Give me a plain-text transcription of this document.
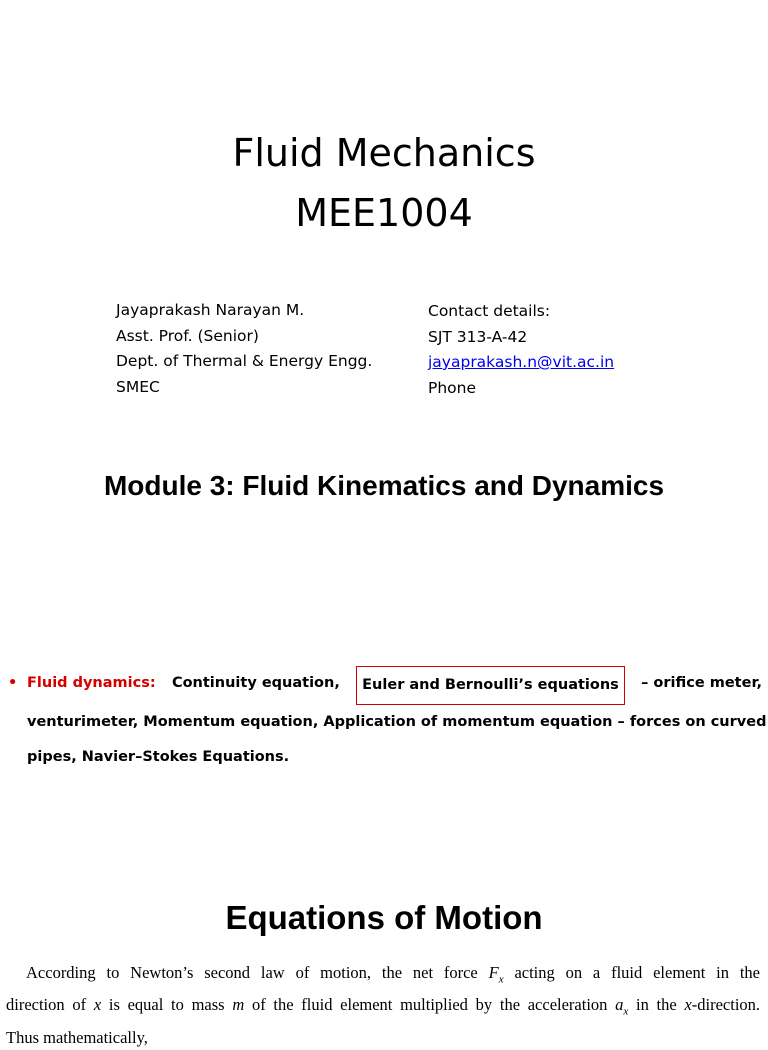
Fluid Mechanics
MEE1004
Jayaprakash Narayan M.
Asst. Prof. (Senior)
Dept. of Thermal & Energy Engg.
SMEC
Contact details:
SJT 313-A-42
jayaprakash.n@vit.ac.in
Phone
Module 3: Fluid Kinematics and Dynamics
• Fluid dynamics: Continuity equation,	Euler and Bernoulli’s equations	– orifice meter,
venturimeter, Momentum equation, Application of momentum equation – forces on curved
pipes, Navier–Stokes Equations.
Equations of Motion
According to Newton’s second law of motion, the net force $F_x$ acting on a fluid element in the
direction of x is equal to mass m of the fluid element multiplied by the acceleration $a_x$ in the x-direction.
Thus mathematically,
